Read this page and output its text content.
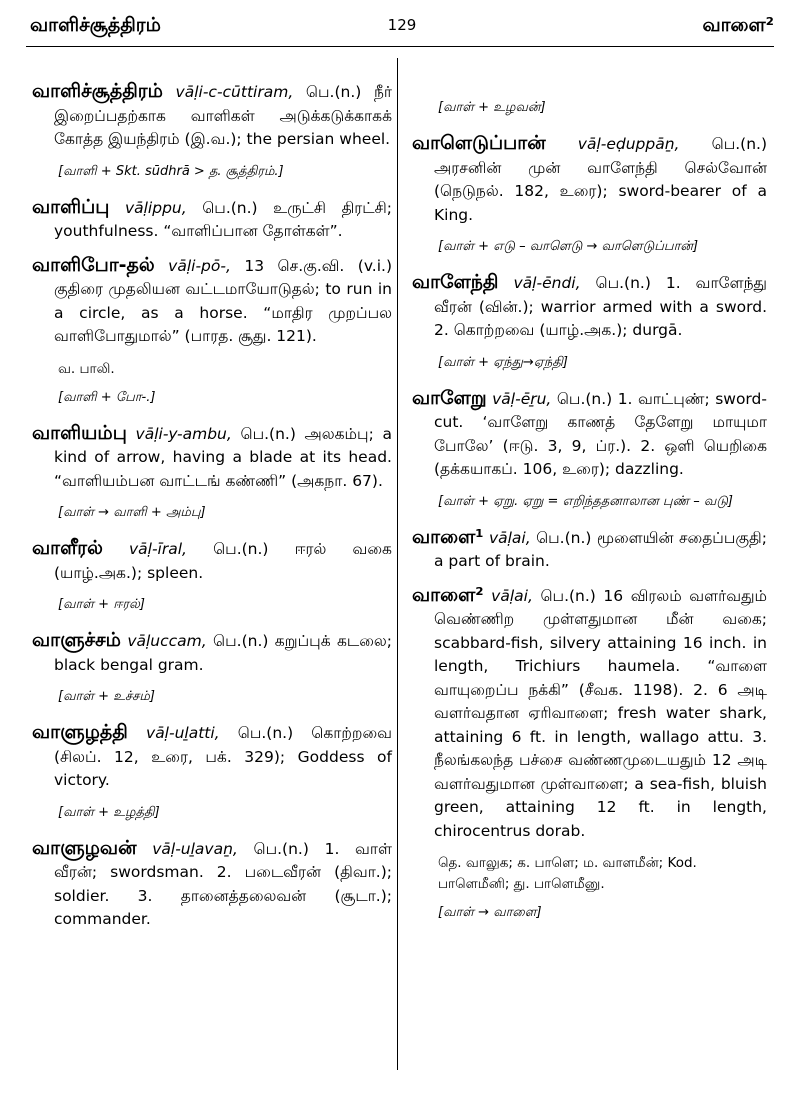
வாளிச்சூத்திரம்	129	வாளை²
வாளிச்சூத்திரம் vāḷi-c-cūttiram, பெ.(n.) நீர் இறைப்பதற்காக வாளிகள் அடுக்கடுக்காகக் கோத்த இயந்திரம் (இ.வ.); the persian wheel.
[வாளி + Skt. sūdhrā > த. சூத்திரம்.]
வாளிப்பு vāḷippu, பெ.(n.) உருட்சி திரட்சி; youthfulness. “வாளிப்பான தோள்கள்”.
வாளிபோ-தல் vāḷi-pō-, 13 செ.கு.வி. (v.i.) குதிரை முதலியன வட்டமாயோடுதல்; to run in a circle, as a horse. “மாதிர முறப்பல வாளிபோதுமால்” (பாரத. சூது. 121).
வ. பாலி.
[வாளி + போ-.]
வாளியம்பு vāḷi-y-ambu, பெ.(n.) அலகம்பு; a kind of arrow, having a blade at its head. “வாளியம்பன வாட்டங் கண்ணி” (அகநா. 67).
[வாள் → வாளி + அம்பு]
வாளீரல் vāḷ-īral, பெ.(n.) ஈரல் வகை (யாழ்.அக.); spleen.
[வாள் + ஈரல்]
வாளுச்சம் vāḷuccam, பெ.(n.) கறுப்புக் கடலை; black bengal gram.
[வாள் + உச்சம்]
வாளுழத்தி vāḷ-uḻatti, பெ.(n.) கொற்றவை (சிலப். 12, உரை, பக். 329); Goddess of victory.
[வாள் + உழத்தி]
வாளுழவன் vāḷ-uḻavaṉ, பெ.(n.) 1. வாள் வீரன்; swordsman. 2. படைவீரன் (திவா.); soldier. 3. தானைத்தலைவன் (சூடா.); commander.
[வாள் + உழவன்]
வாளெடுப்பான் vāḷ-eḍuppāṉ, பெ.(n.) அரசனின் முன் வாளேந்தி செல்வோன் (நெடுநல். 182, உரை); sword-bearer of a King.
[வாள் + எடு – வாளெடு → வாளெடுப்பான்]
வாளேந்தி vāḷ-ēndi, பெ.(n.) 1. வாளேந்து வீரன் (வின்.); warrior armed with a sword. 2. கொற்றவை (யாழ்.அக.); durgā.
[வாள் + ஏந்து→ஏந்தி]
வாளேறு vāḷ-ēṟu, பெ.(n.) 1. வாட்புண்; sword-cut. ‘வாளேறு காணத் தேளேறு மாயுமா போலே’ (ஈடு. 3, 9, ப்ர.). 2. ஒளி யெறிகை (தக்கயாகப். 106, உரை); dazzling.
[வாள் + ஏறு. ஏறு = எறிந்ததனாலான புண் – வடு]
வாளை¹ vāḷai, பெ.(n.) மூளையின் சதைப்பகுதி; a part of brain.
வாளை² vāḷai, பெ.(n.) 16 விரலம் வளர்வதும் வெண்ணிற முள்ளதுமான மீன் வகை; scabbard-fish, silvery attaining 16 inch. in length, Trichiurs haumela. “வாளை வாயுறைப்ப நக்கி” (சீவக. 1198). 2. 6 அடி வளர்வதான ஏரிவாளை; fresh water shark, attaining 6 ft. in length, wallago attu. 3. நீலங்கலந்த பச்சை வண்ணமுடையதும் 12 அடி வளர்வதுமான முள்வாளை; a sea-fish, bluish green, attaining 12 ft. in length, chirocentrus dorab.
தெ. வாலுக; க. பாளெ; ம. வாளமீன்; Kod. பாளெமீனி; து. பாளெமீனு.
[வாள் → வாளை]
